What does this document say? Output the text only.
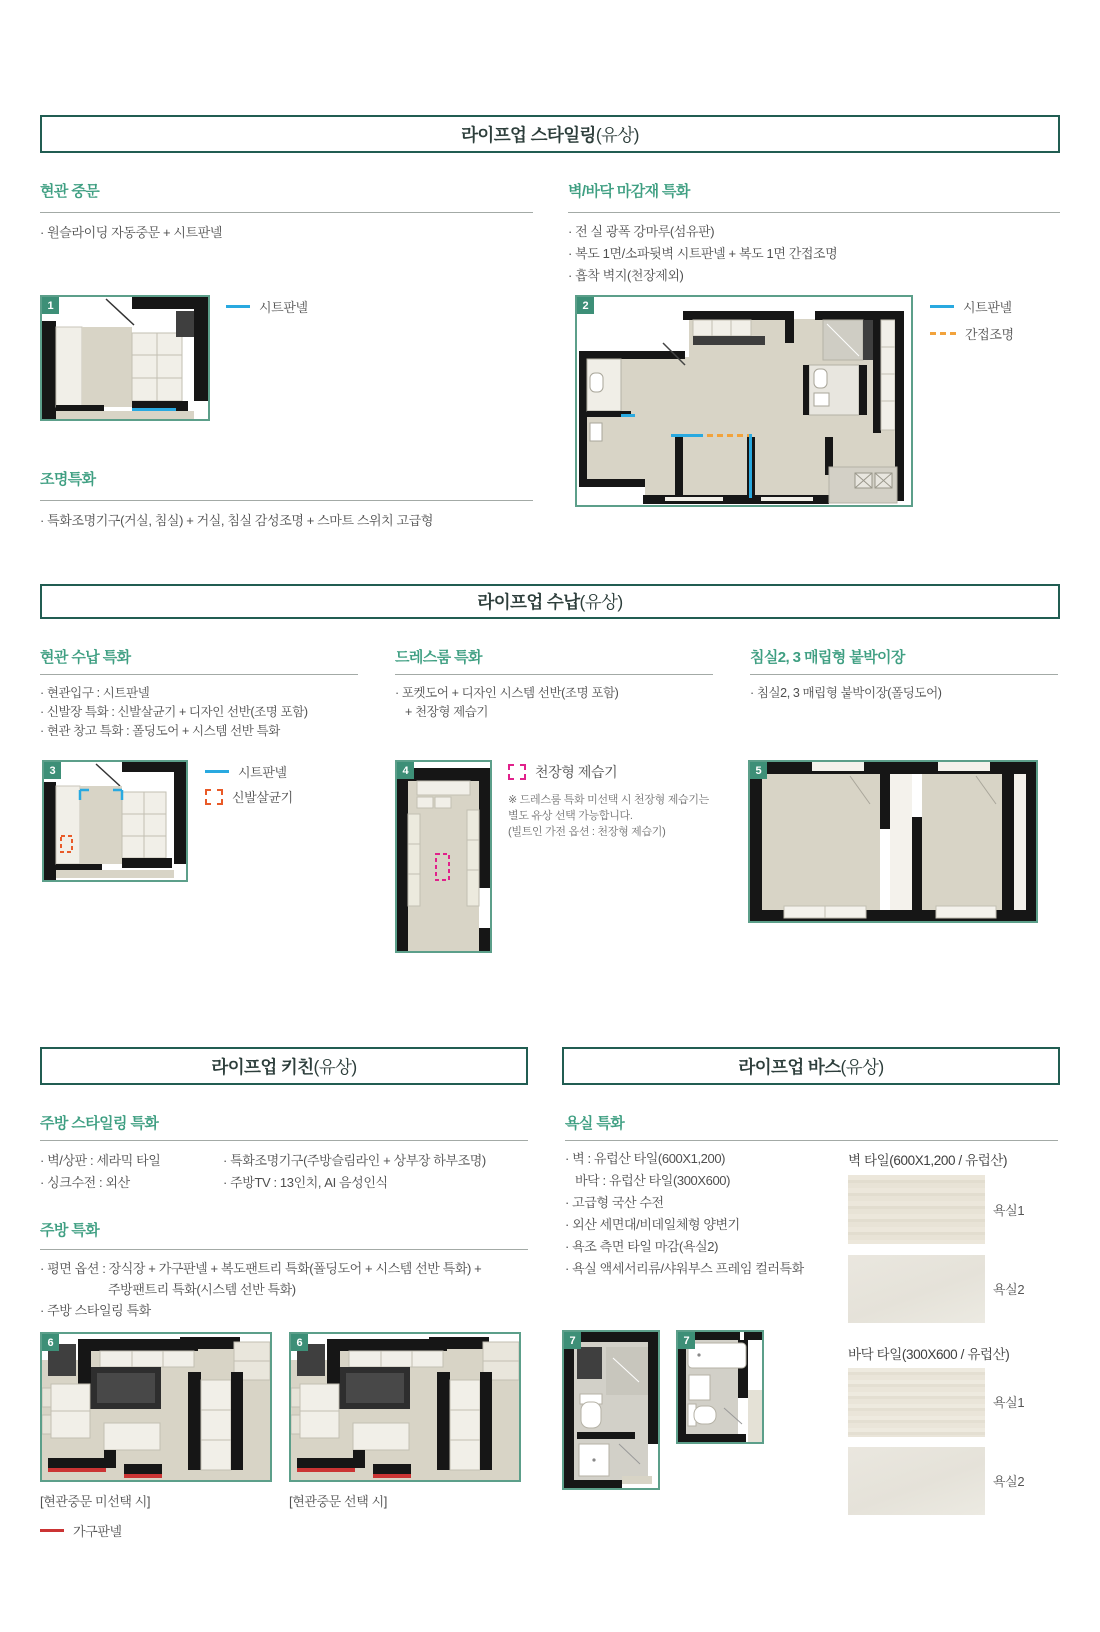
라이프업 스타일링(유상)
현관 중문
· 원슬라이딩 자동중문 + 시트판넬
1	시트판넬
벽/바닥 마감재 특화
· 전 실 광폭 강마루(섬유판)
· 복도 1면/소파뒷벽 시트판넬 + 복도 1면 간접조명
· 흡착 벽지(천장제외)
2	시트판넬
간접조명
조명특화
· 특화조명기구(거실, 침실) + 거실, 침실 감성조명 + 스마트 스위치 고급형
라이프업 수납(유상)
현관 수납 특화
· 현관입구 : 시트판넬
· 신발장 특화 : 신발살균기 + 디자인 선반(조명 포함)
· 현관 창고 특화 : 폴딩도어 + 시스템 선반 특화
드레스룸 특화
· 포켓도어 + 디자인 시스템 선반(조명 포함)
+ 천장형 제습기
침실2, 3 매립형 붙박이장
· 침실2, 3 매립형 붙박이장(폴딩도어)
3	시트판넬
신발살균기
4	천장형 제습기
※ 드레스룸 특화 미선택 시 천장형 제습기는
별도 유상 선택 가능합니다.
(빌트인 가전 옵션 : 천장형 제습기)
5
라이프업 키친(유상)
주방 스타일링 특화
· 벽/상판 : 세라믹 타일
· 싱크수전 : 외산
· 특화조명기구(주방슬림라인 + 상부장 하부조명)
· 주방TV : 13인치, AI 음성인식
주방 특화
· 평면 옵션 : 장식장 + 가구판넬 + 복도팬트리 특화(폴딩도어 + 시스템 선반 특화) +
주방팬트리 특화(시스템 선반 특화)
· 주방 스타일링 특화
6	6
[현관중문 미선택 시]	[현관중문 선택 시]
가구판넬
라이프업 바스(유상)
욕실 특화
· 벽 : 유럽산 타일(600X1,200)
바닥 : 유럽산 타일(300X600)
· 고급형 국산 수전
· 외산 세면대/비데일체형 양변기
· 욕조 측면 타일 마감(욕실2)
· 욕실 액세서리류/샤워부스 프레임 컬러특화
7	7
벽 타일(600X1,200 / 유럽산)
욕실1
욕실2
바닥 타일(300X600 / 유럽산)
욕실1
욕실2
